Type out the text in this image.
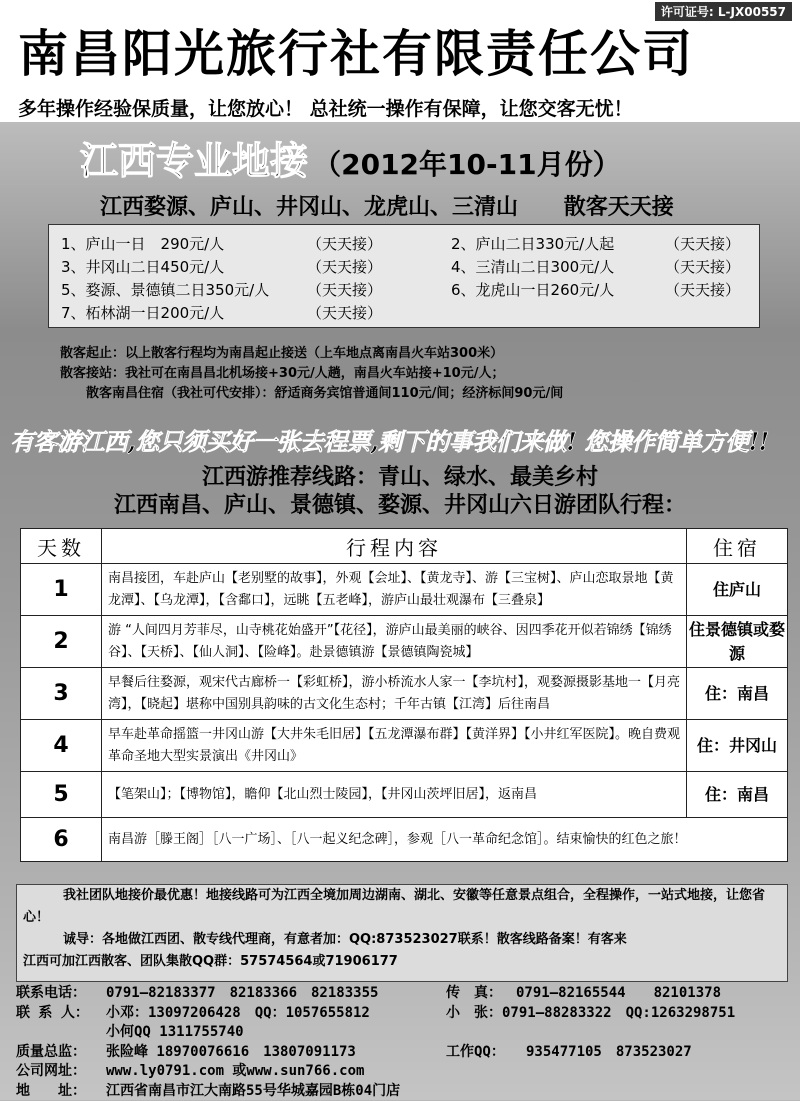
许可证号: L-JX00557
南昌阳光旅行社有限责任公司
多年操作经验保质量，让您放心！ 总社统一操作有保障，让您交客无忧！
江西专业地接 （2012年10-11月份）
江西婺源、庐山、井冈山、龙虎山、三清山 散客天天接
1、庐山一日　290元/人	（天天接）	2、庐山二日330元/人起	（天天接）
3、井冈山二日450元/人	（天天接）	4、三清山二日300元/人	（天天接）
5、婺源、景德镇二日350元/人	（天天接）	6、龙虎山一日260元/人	（天天接）
7、柘林湖一日200元/人	（天天接）
散客起止：以上散客行程均为南昌起止接送（上车地点离南昌火车站300米）
散客接站：我社可在南昌昌北机场接+30元/人趟，南昌火车站接+10元/人；
散客南昌住宿（我社可代安排）：舒适商务宾馆普通间110元/间；经济标间90元/间
有客游江西,您只须买好一张去程票,剩下的事我们来做! 您操作简单方便!!
江西游推荐线路：青山、绿水、最美乡村
江西南昌、庐山、景德镇、婺源、井冈山六日游团队行程：
天数	行程内容	住宿
1	南昌接团，车赴庐山【老别墅的故事】，外观【会址】、【黄龙寺】、游【三宝树】、庐山恋取景地【黄龙潭】、【乌龙潭】，【含鄱口】，远眺【五老峰】，游庐山最壮观瀑布【三叠泉】	住庐山
2	游 “人间四月芳菲尽，山寺桃花始盛开”【花径】，游庐山最美丽的峡谷、因四季花开似若锦绣【锦绣谷】、【天桥】、【仙人洞】、【险峰】。赴景德镇游【景德镇陶瓷城】	住景德镇或婺源
3	早餐后往婺源，观宋代古廊桥一【彩虹桥】，游小桥流水人家一【李坑村】，观婺源摄影基地一【月亮湾】，【晓起】堪称中国别具韵味的古文化生态村；千年古镇【江湾】后往南昌	住：南昌
4	早车赴革命摇篮一井冈山游【大井朱毛旧居】【五龙潭瀑布群】【黄洋界】【小井红军医院】。晚自费观革命圣地大型实景演出《井冈山》	住：井冈山
5	【笔架山】；【博物馆】，瞻仰【北山烈士陵园】，【井冈山茨坪旧居】，返南昌	住：南昌
6	南昌游［滕王阁］［八一广场］、［八一起义纪念碑］，参观［八一革命纪念馆］。结束愉快的红色之旅！	
我社团队地接价最优惠！地接线路可为江西全境加周边湖南、湖北、安徽等任意景点组合，全程操作，一站式地接，让您省心！
诚导：各地做江西团、散专线代理商，有意者加：QQ:873523027联系！散客线路备案！有客来
江西可加江西散客、团队集散QQ群：57574564或71906177
联系电话： 0791—82183377　82183366　82183355	传　真： 0791—82165544　　82101378
联 系 人： 小邓：13097206428　QQ：1057655812	小　张：0791—88283322　QQ:1263298751
小何QQ 1311755740
质量总监： 张险峰 18970076616　13807091173	工作QQ： 935477105　873523027
公司网址： www.ly0791.com 或www.sun766.com
地　　址： 江西省南昌市江大南路55号华城嘉园B栋04门店
